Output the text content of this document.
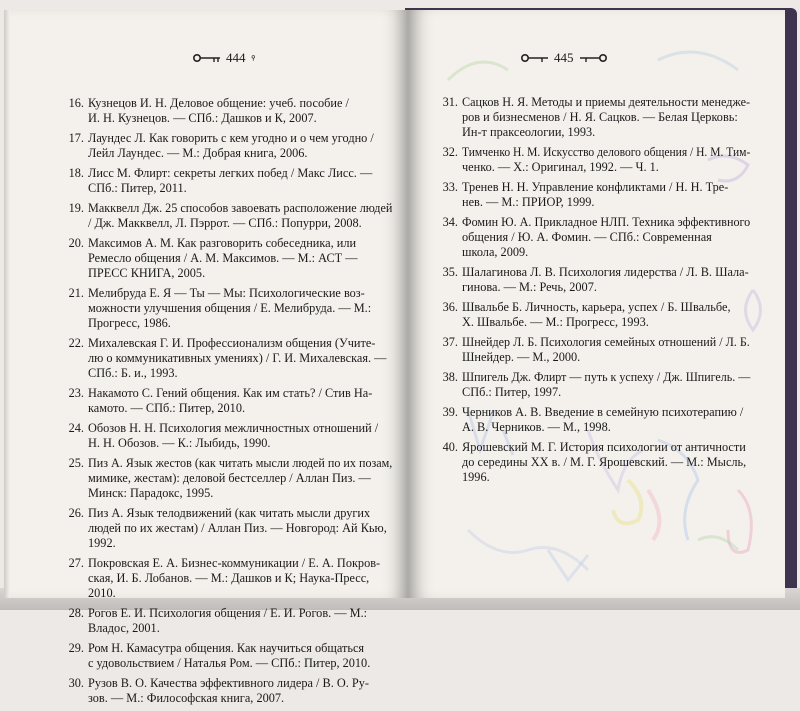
444
16. Кузнецов И. Н. Деловое общение: учеб. пособие /
И. Н. Кузнецов. — СПб.: Дашков и К, 2007.
17. Лаундес Л. Как говорить с кем угодно и о чем угодно /
Лейл Лаундес. — М.: Добрая книга, 2006.
18. Лисс М. Флирт: секреты легких побед / Макс Лисс. —
СПб.: Питер, 2011.
19. Макквелл Дж. 25 способов завоевать расположение людей
/ Дж. Макквелл, Л. Пэррот. — СПб.: Попурри, 2008.
20. Максимов А. М. Как разговорить собеседника, или
Ремесло общения / А. М. Максимов. — М.: АСТ —
ПРЕСС КНИГА, 2005.
21. Мелибруда Е. Я — Ты — Мы: Психологические воз-
можности улучшения общения / Е. Мелибруда. — М.:
Прогресс, 1986.
22. Михалевская Г. И. Профессионализм общения (Учите-
лю о коммуникативных умениях) / Г. И. Михалевская. —
СПб.: Б. и., 1993.
23. Накамото С. Гений общения. Как им стать? / Стив На-
камото. — СПб.: Питер, 2010.
24. Обозов Н. Н. Психология межличностных отношений /
Н. Н. Обозов. — К.: Лыбидь, 1990.
25. Пиз А. Язык жестов (как читать мысли людей по их позам,
мимике, жестам): деловой бестселлер / Аллан Пиз. —
Минск: Парадокс, 1995.
26. Пиз А. Язык телодвижений (как читать мысли других
людей по их жестам) / Аллан Пиз. — Новгород: Ай Кью,
1992.
27. Покровская Е. А. Бизнес-коммуникации / Е. А. Покров-
ская, И. Б. Лобанов. — М.: Дашков и К; Наука-Пресс,
2010.
28. Рогов Е. И. Психология общения / Е. И. Рогов. — М.:
Владос, 2001.
29. Ром Н. Камасутра общения. Как научиться общаться
с удовольствием / Наталья Ром. — СПб.: Питер, 2010.
30. Рузов В. О. Качества эффективного лидера / В. О. Ру-
зов. — М.: Философская книга, 2007.
445
31. Сацков Н. Я. Методы и приемы деятельности менедже-
ров и бизнесменов / Н. Я. Сацков. — Белая Церковь:
Ин-т праксеологии, 1993.
32. Тимченко Н. М. Искусство делового общения / Н. М. Тим-
ченко. — Х.: Оригинал, 1992. — Ч. 1.
33. Тренев Н. Н. Управление конфликтами / Н. Н. Тре-
нев. — М.: ПРИОР, 1999.
34. Фомин Ю. А. Прикладное НЛП. Техника эффективного
общения / Ю. А. Фомин. — СПб.: Современная
школа, 2009.
35. Шалагинова Л. В. Психология лидерства / Л. В. Шала-
гинова. — М.: Речь, 2007.
36. Швальбе Б. Личность, карьера, успех / Б. Швальбе,
Х. Швальбе. — М.: Прогресс, 1993.
37. Шнейдер Л. Б. Психология семейных отношений / Л. Б.
Шнейдер. — М., 2000.
38. Шпигель Дж. Флирт — путь к успеху / Дж. Шпигель. —
СПб.: Питер, 1997.
39. Черников А. В. Введение в семейную психотерапию /
А. В. Черников. — М., 1998.
40. Ярошевский М. Г. История психологии от античности
до середины XX в. / М. Г. Ярошевский. — М.: Мысль,
1996.
